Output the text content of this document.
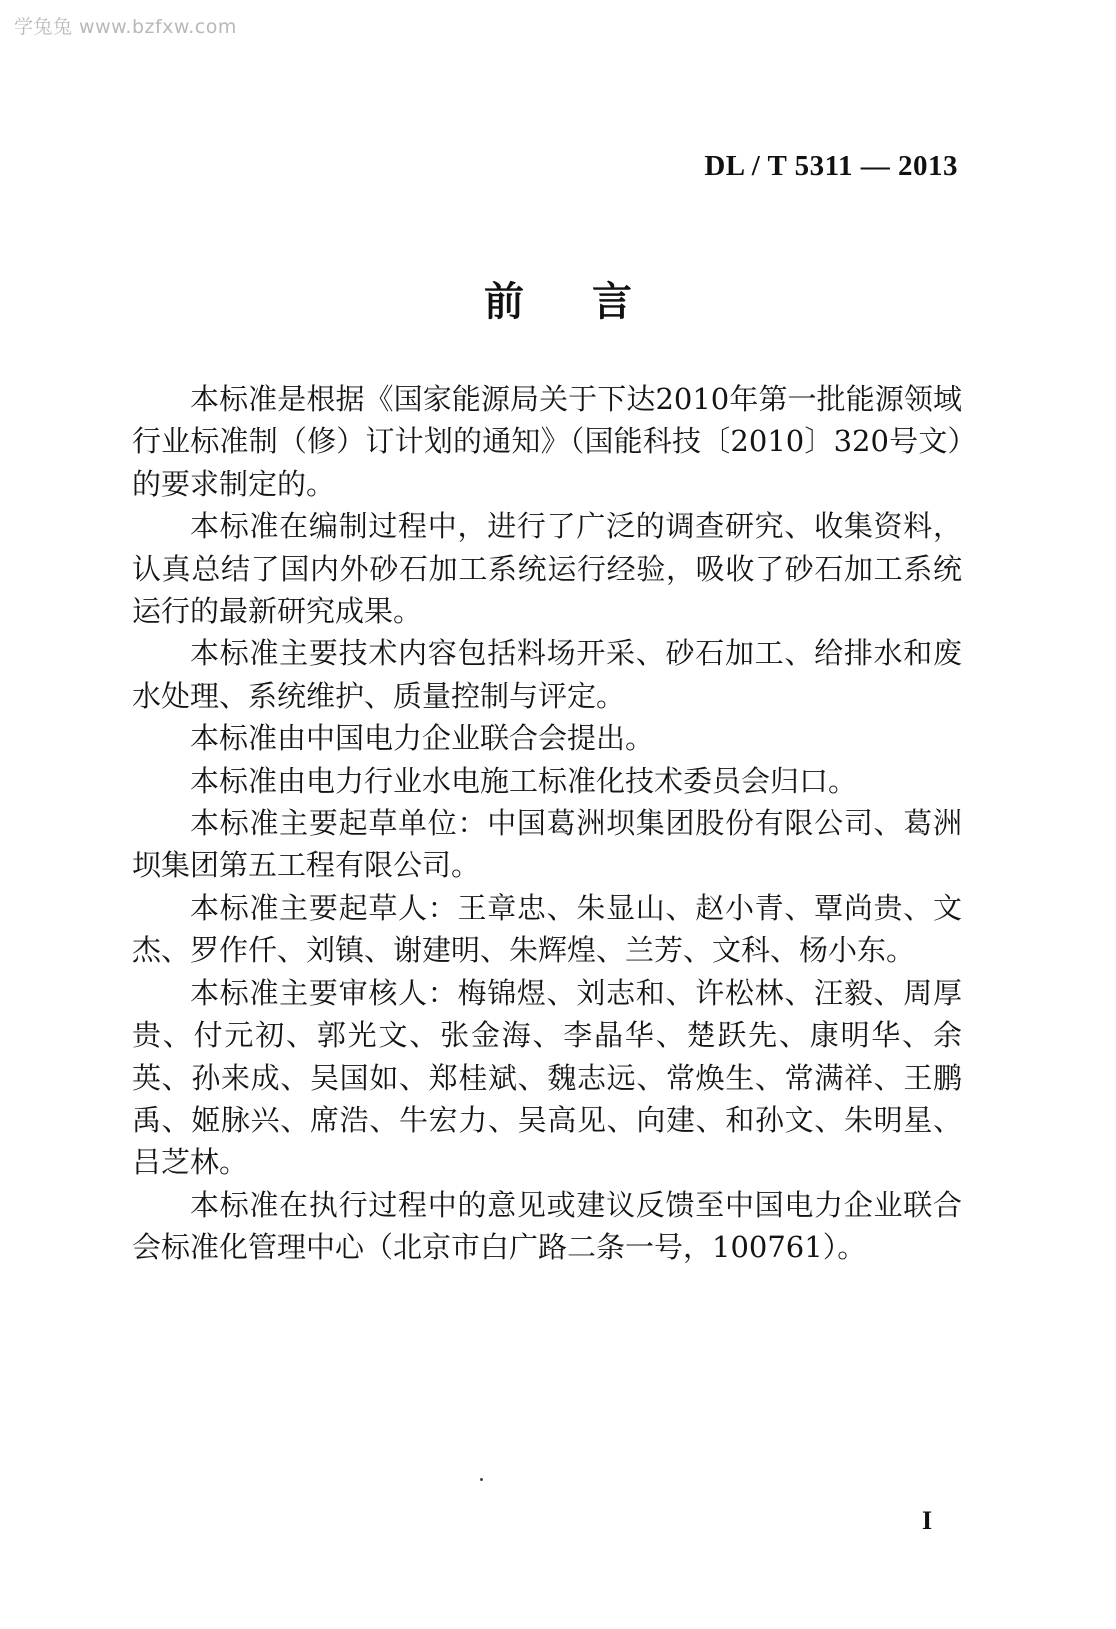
学兔兔 www.bzfxw.com
DL / T 5311 — 2013
前言

本标准是根据《国家能源局关于下达2010年第一批能源领域行业标准制（修）订计划的通知》（国能科技〔2010〕320号文）的要求制定的。

本标准在编制过程中，进行了广泛的调查研究、收集资料，认真总结了国内外砂石加工系统运行经验，吸收了砂石加工系统运行的最新研究成果。

本标准主要技术内容包括料场开采、砂石加工、给排水和废水处理、系统维护、质量控制与评定。

本标准由中国电力企业联合会提出。

本标准由电力行业水电施工标准化技术委员会归口。

本标准主要起草单位：中国葛洲坝集团股份有限公司、葛洲坝集团第五工程有限公司。

本标准主要起草人：王章忠、朱显山、赵小青、覃尚贵、文杰、罗作仟、刘镇、谢建明、朱辉煌、兰芳、文科、杨小东。

本标准主要审核人：梅锦煜、刘志和、许松林、汪毅、周厚贵、付元初、郭光文、张金海、李晶华、楚跃先、康明华、余英、孙来成、吴国如、郑桂斌、魏志远、常焕生、常满祥、王鹏禹、姬脉兴、席浩、牛宏力、吴高见、向建、和孙文、朱明星、吕芝林。

本标准在执行过程中的意见或建议反馈至中国电力企业联合会标准化管理中心（北京市白广路二条一号，100761）。

I
